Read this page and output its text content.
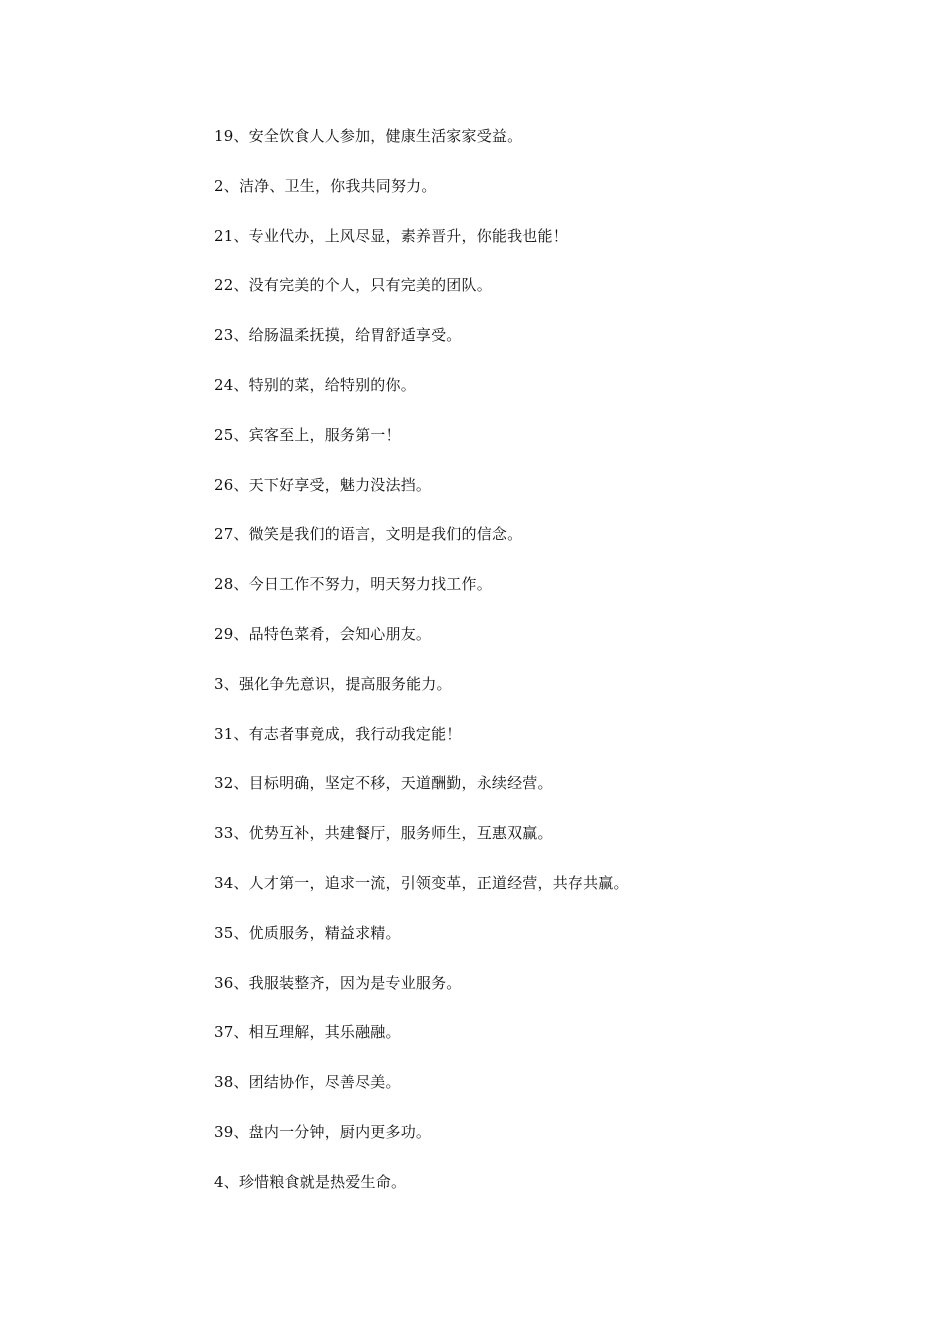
19、安全饮食人人参加，健康生活家家受益。
2、洁净、卫生，你我共同努力。
21、专业代办，上风尽显，素养晋升，你能我也能！
22、没有完美的个人，只有完美的团队。
23、给肠温柔抚摸，给胃舒适享受。
24、特别的菜，给特别的你。
25、宾客至上，服务第一！
26、天下好享受，魅力没法挡。
27、微笑是我们的语言，文明是我们的信念。
28、今日工作不努力，明天努力找工作。
29、品特色菜肴，会知心朋友。
3、强化争先意识，提高服务能力。
31、有志者事竟成，我行动我定能！
32、目标明确，坚定不移，天道酬勤，永续经营。
33、优势互补，共建餐厅，服务师生，互惠双赢。
34、人才第一，追求一流，引领变革，正道经营，共存共赢。
35、优质服务，精益求精。
36、我服装整齐，因为是专业服务。
37、相互理解，其乐融融。
38、团结协作，尽善尽美。
39、盘内一分钟，厨内更多功。
4、珍惜粮食就是热爱生命。
